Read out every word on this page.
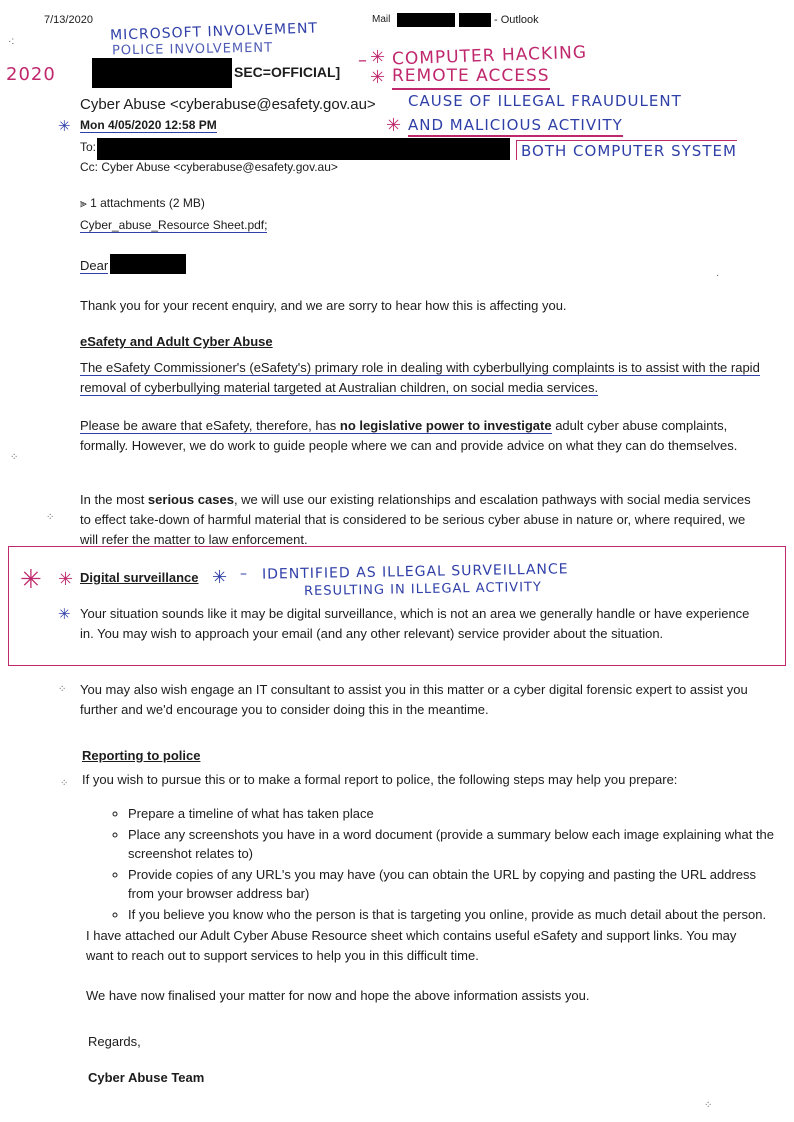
7/13/2020	Mail	- Outlook
MICROSOFT INVOLVEMENT
POLICE INVOLVEMENT
2020	SEC=OFFICIAL]
– ✳ COMPUTER HACKING
✳ REMOTE ACCESS
CAUSE OF ILLEGAL FRAUDULENT
✳ AND MALICIOUS ACTIVITY
BOTH COMPUTER SYSTEM
Cyber Abuse <cyberabuse@esafety.gov.au>
✳ Mon 4/05/2020 12:58 PM
To:
Cc: Cyber Abuse <cyberabuse@esafety.gov.au>
⫸ 1 attachments (2 MB)
Cyber_abuse_Resource Sheet.pdf;
Dear
Thank you for your recent enquiry, and we are sorry to hear how this is affecting you.
eSafety and Adult Cyber Abuse
The eSafety Commissioner's (eSafety's) primary role in dealing with cyberbullying complaints is to assist with the rapid removal of cyberbullying material targeted at Australian children, on social media services.
Please be aware that eSafety, therefore, has no legislative power to investigate adult cyber abuse complaints, formally. However, we do work to guide people where we can and provide advice on what they can do themselves.
In the most serious cases, we will use our existing relationships and escalation pathways with social media services to effect take-down of harmful material that is considered to be serious cyber abuse in nature or, where required, we will refer the matter to law enforcement.
✳ ✳ Digital surveillance ✳ – IDENTIFIED AS ILLEGAL SURVEILLANCE
RESULTING IN ILLEGAL ACTIVITY
✳ Your situation sounds like it may be digital surveillance, which is not an area we generally handle or have experience in. You may wish to approach your email (and any other relevant) service provider about the situation.
You may also wish engage an IT consultant to assist you in this matter or a cyber digital forensic expert to assist you further and we'd encourage you to consider doing this in the meantime.
Reporting to police
If you wish to pursue this or to make a formal report to police, the following steps may help you prepare:
◦ Prepare a timeline of what has taken place
◦ Place any screenshots you have in a word document (provide a summary below each image explaining what the screenshot relates to)
◦ Provide copies of any URL's you may have (you can obtain the URL by copying and pasting the URL address from your browser address bar)
◦ If you believe you know who the person is that is targeting you online, provide as much detail about the person.
I have attached our Adult Cyber Abuse Resource sheet which contains useful eSafety and support links. You may want to reach out to support services to help you in this difficult time.
We have now finalised your matter for now and hope the above information assists you.
Regards,
Cyber Abuse Team
·:
⁘
⁘
⁘
⁘
⁘
·
